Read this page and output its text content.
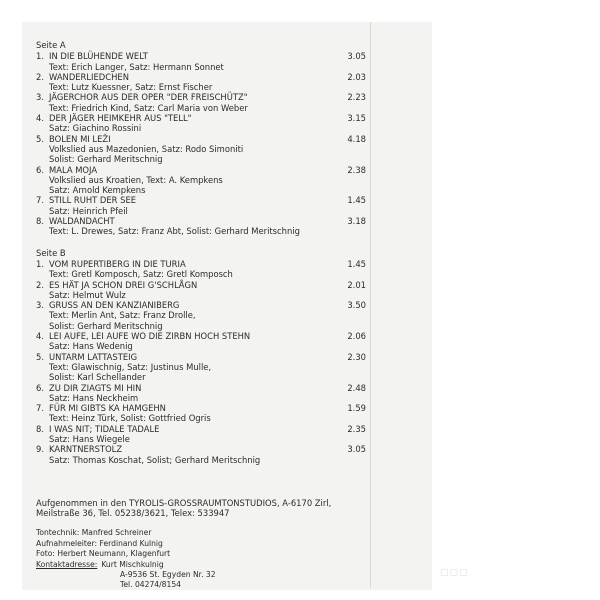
Seite A
1. IN DIE BLÜHENDE WELT	3.05
Text: Erich Langer, Satz: Hermann Sonnet
2. WANDERLIEDCHEN	2.03
Text: Lutz Kuessner, Satz: Ernst Fischer
3. JÄGERCHOR AUS DER OPER "DER FREISCHÜTZ"	2.23
Text: Friedrich Kind, Satz: Carl Maria von Weber
4. DER JÄGER HEIMKEHR AUS "TELL"	3.15
Satz: Giachino Rossini
5. BOLEN MI LEŽI	4.18
Volkslied aus Mazedonien, Satz: Rodo Simoniti
Solist: Gerhard Meritschnig
6. MALA MOJA	2.38
Volkslied aus Kroatien, Text: A. Kempkens
Satz: Arnold Kempkens
7. STILL RUHT DER SEE	1.45
Satz: Heinrich Pfeil
8. WALDANDACHT	3.18
Text: L. Drewes, Satz: Franz Abt, Solist: Gerhard Meritschnig
Seite B
1. VOM RUPERTIBERG IN DIE TURIA	1.45
Text: Gretl Komposch, Satz: Gretl Komposch
2. ES HÄT JA SCHON DREI G'SCHLÅGN	2.01
Satz: Helmut Wulz
3. GRUSS AN DEN KANZIANIBERG	3.50
Text: Merlin Ant, Satz: Franz Drolle,
Solist: Gerhard Meritschnig
4. LEI AUFE, LEI AUFE WO DIE ZIRBN HOCH STEHN	2.06
Satz: Hans Wedenig
5. UNTARM LATTASTEIG	2.30
Text: Glawischnig, Satz: Justinus Mulle,
Solist: Karl Schellander
6. ZU DIR ZIAGTS MI HIN	2.48
Satz: Hans Neckheim
7. FÜR MI GIBTS KA HAMGEHN	1.59
Text: Heinz Türk, Solist: Gottfried Ogris
8. I WAS NIT; TIDALE TADALE	2.35
Satz: Hans Wiegele
9. KARNTNERSTOLZ	3.05
Satz: Thomas Koschat, Solist; Gerhard Meritschnig
Aufgenommen in den TYROLIS-GROSSRAUMTONSTUDIOS, A-6170 Zirl,
Meilstraße 36, Tel. 05238/3621, Telex: 533947
Tontechnik: Manfred Schreiner
Aufnahmeleiter: Ferdinand Kulnig
Foto: Herbert Neumann, Klagenfurt
Kontaktadresse: Kurt Mischkulnig
A-9536 St. Egyden Nr. 32
Tel. 04274/8154
▢▢▢
